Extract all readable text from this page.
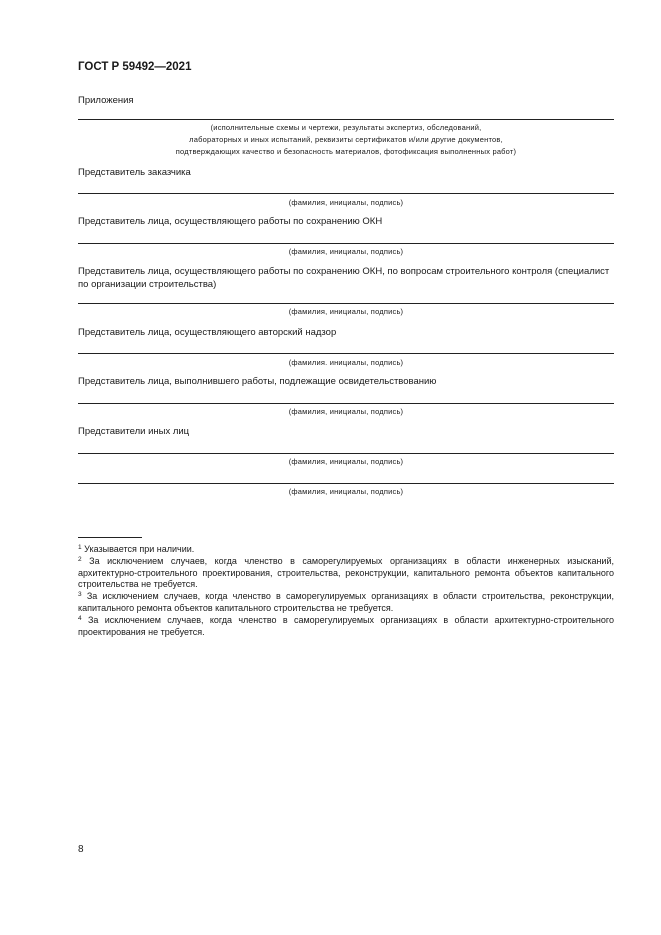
ГОСТ Р 59492—2021
Приложения
(исполнительные схемы и чертежи, результаты экспертиз, обследований,
лабораторных и иных испытаний, реквизиты сертификатов и/или другие документов,
подтверждающих качество и безопасность материалов, фотофиксация выполненных работ)
Представитель заказчика
(фамилия, инициалы, подпись)
Представитель лица, осуществляющего работы по сохранению ОКН
(фамилия, инициалы, подпись)
Представитель лица, осуществляющего работы по сохранению ОКН, по вопросам строительного контроля (специалист по организации строительства)
(фамилия, инициалы, подпись)
Представитель лица, осуществляющего авторский надзор
(фамилия. инициалы, подпись)
Представитель лица, выполнившего работы, подлежащие освидетельствованию
(фамилия, инициалы, подпись)
Представители иных лиц
(фамилия, инициалы, подпись)
(фамилия, инициалы, подпись)
$^1$ Указывается при наличии.
$^2$ За исключением случаев, когда членство в саморегулируемых организациях в области инженерных изысканий, архитектурно-строительного проектирования, строительства, реконструкции, капитального ремонта объектов капитального строительства не требуется.
$^3$ За исключением случаев, когда членство в саморегулируемых организациях в области строительства, реконструкции, капитального ремонта объектов капитального строительства не требуется.
$^4$ За исключением случаев, когда членство в саморегулируемых организациях в области архитектурно-строительного проектирования не требуется.
8
